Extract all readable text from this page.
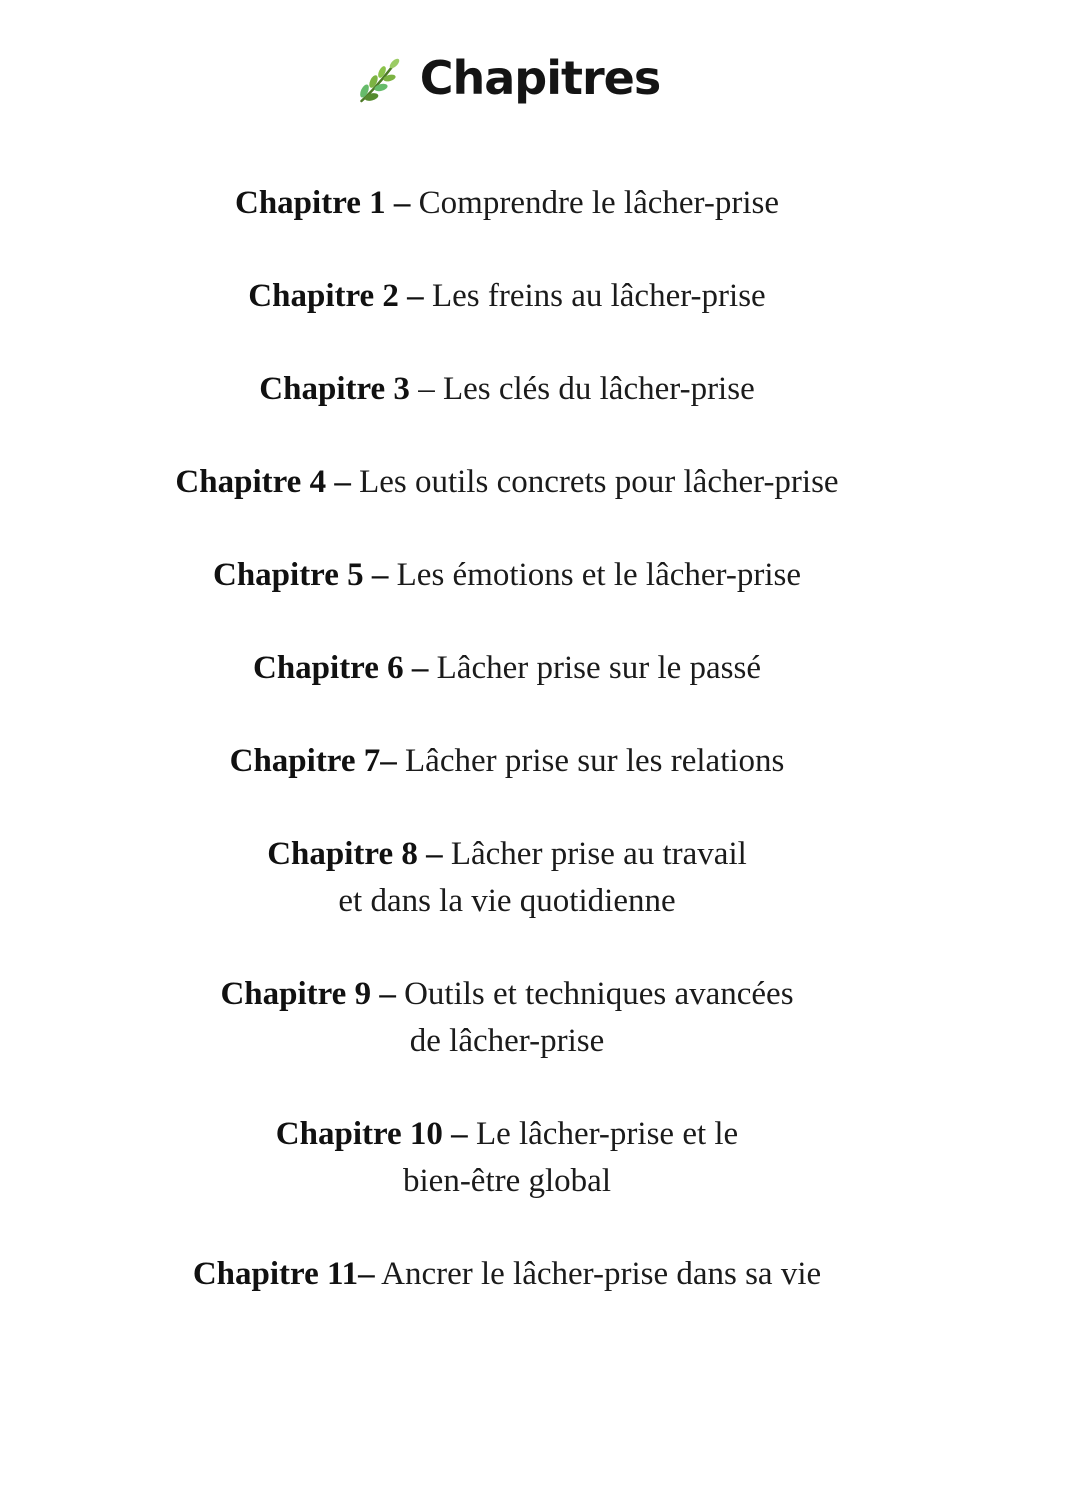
Chapitres
Chapitre 1 – Comprendre le lâcher-prise
Chapitre 2 – Les freins au lâcher-prise
Chapitre 3 – Les clés du lâcher-prise
Chapitre 4 – Les outils concrets pour lâcher-prise
Chapitre 5 – Les émotions et le lâcher-prise
Chapitre 6 – Lâcher prise sur le passé
Chapitre 7– Lâcher prise sur les relations
Chapitre 8 – Lâcher prise au travail
et dans la vie quotidienne
Chapitre 9 – Outils et techniques avancées
de lâcher-prise
Chapitre 10 – Le lâcher-prise et le
bien-être global
Chapitre 11– Ancrer le lâcher-prise dans sa vie
